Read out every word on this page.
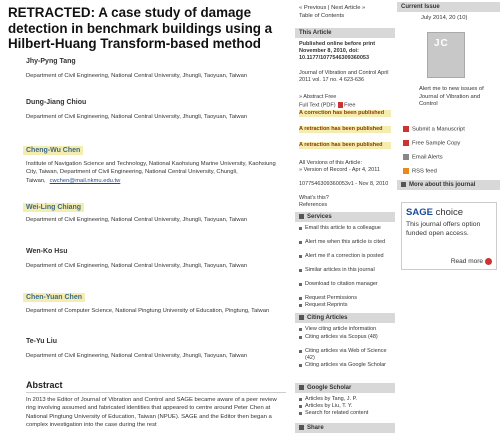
RETRACTED: A case study of damage detection in benchmark buildings using a Hilbert-Huang Transform-based method
Jhy-Pyng Tang
Department of Civil Engineering, National Central University, Jhungli, Taoyuan, Taiwan
Dung-Jiang Chiou
Department of Civil Engineering, National Central University, Jhungli, Taoyuan, Taiwan
Cheng-Wu Chen
Institute of Navigation Science and Technology, National Kaohsiung Marine University, Kaohsiung City, Taiwan, Department of Civil Engineering, National Central University, Chungli, Taiwan, cwchen@mail.nkmu.edu.tw
Wei-Ling Chiang
Department of Civil Engineering, National Central University, Jhungli, Taoyuan, Taiwan
Wen-Ko Hsu
Department of Civil Engineering, National Central University, Jhungli, Taoyuan, Taiwan
Chen-Yuan Chen
Department of Computer Science, National Pingtung University of Education, Pingtung, Taiwan
Te-Yu Liu
Department of Civil Engineering, National Central University, Jhungli, Taoyuan, Taiwan
Abstract
In 2013 the Editor of Journal of Vibration and Control and SAGE became aware of a peer review ring involving assumed and fabricated identities that appeared to centre around Peter Chen at National Pingtung University of Education, Taiwan (NPUE). SAGE and the Editor then began a complex investigation into the case during the rest
« Previous | Next Article »
Table of Contents
This Article
Published online before print November 8, 2010, doi: 10.1177/1077546309360053
Journal of Vibration and Control April 2011 vol. 17 no. 4 623-636
» Abstract Free
Full Text (PDF) Free
A correction has been published
A retraction has been published
A retraction has been published
All Versions of this Article:
» Version of Record - Apr 4, 2011
1077546309360053v1 - Nov 8, 2010
What's this?
References
Services
Email this article to a colleague
Alert me when this article is cited
Alert me if a correction is posted
Similar articles in this journal
Download to citation manager
Request Permissions
Request Reprints
Citing Articles
View citing article information
Citing articles via Scopus (48)
Citing articles via Web of Science (42)
Citing articles via Google Scholar
Google Scholar
Articles by Tang, J. P.
Articles by Liu, T. Y.
Search for related content
Share
Current Issue
July 2014, 20 (10)
JC
Alert me to new issues of Journal of Vibration and Control
Submit a Manuscript
Free Sample Copy
Email Alerts
RSS feed
More about this journal
SAGE choice
This journal offers option funded open access.
Read more
